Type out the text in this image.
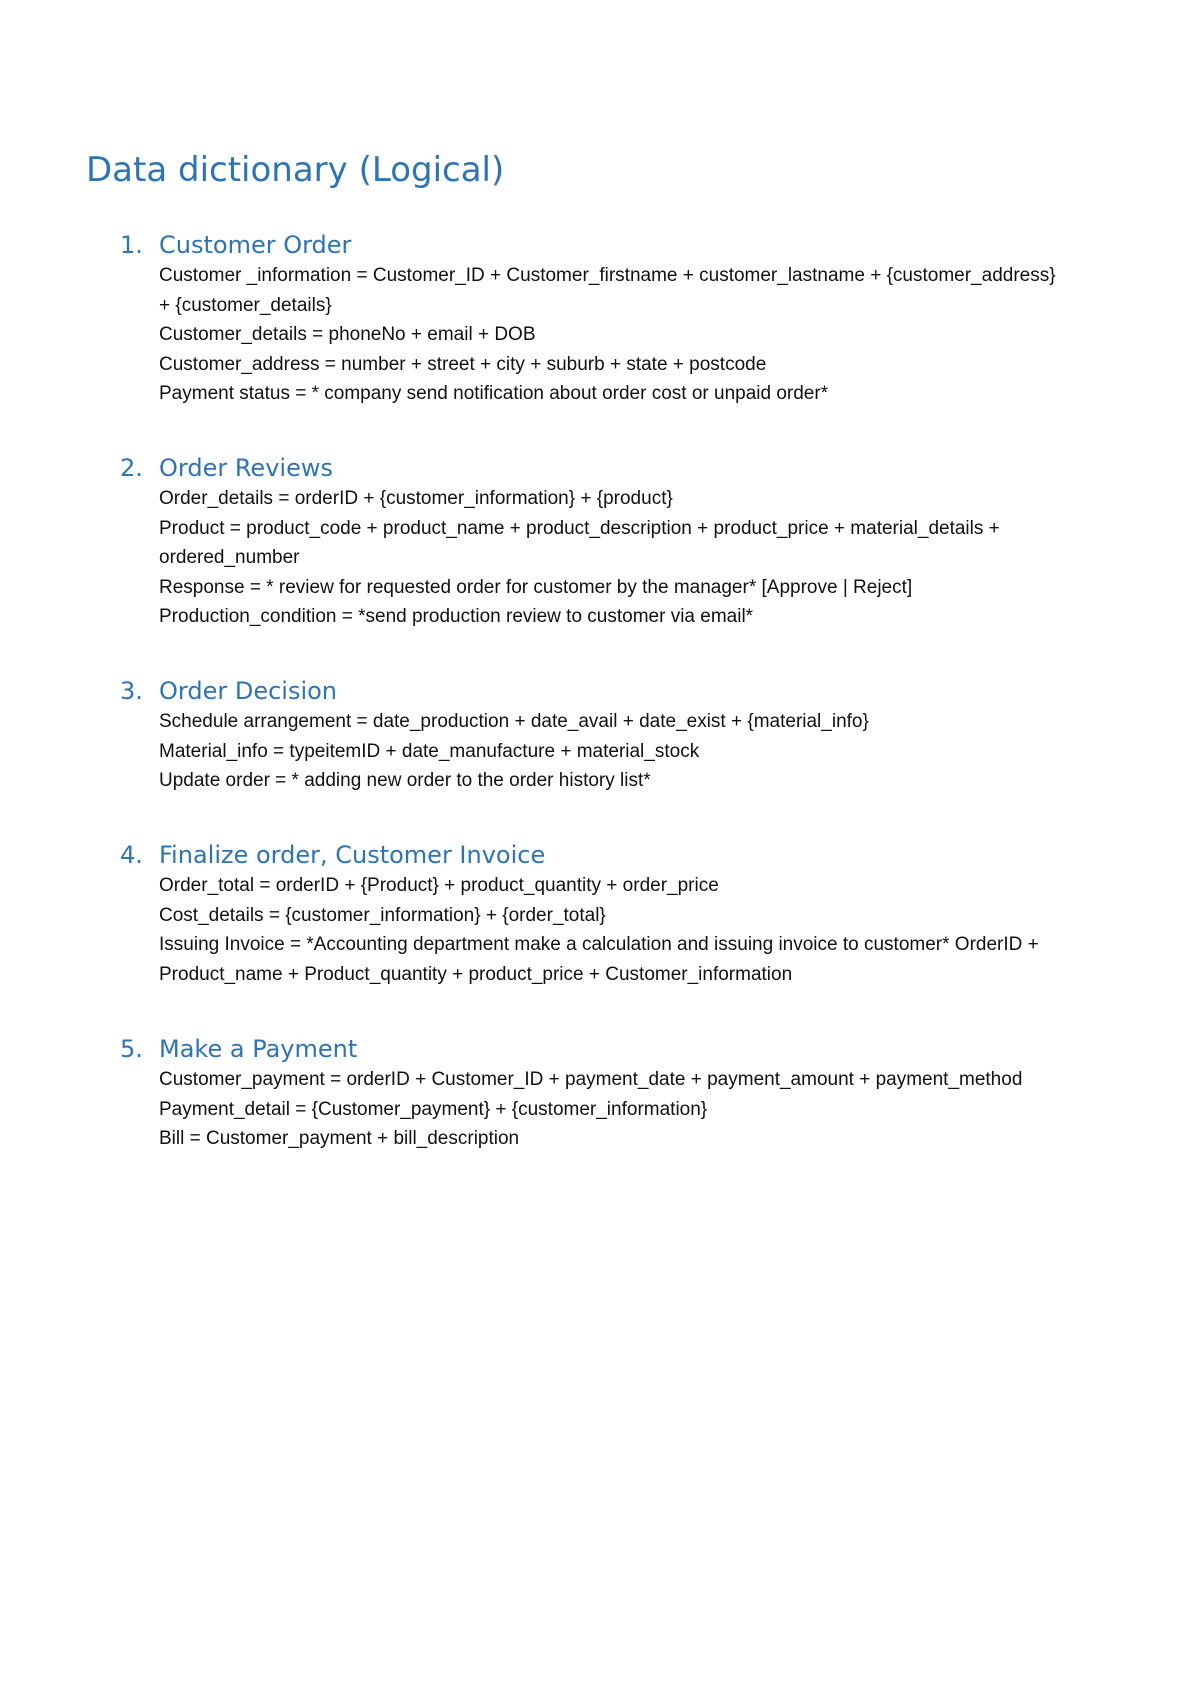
Data dictionary (Logical)
1. Customer Order
Customer _information = Customer_ID + Customer_firstname + customer_lastname + {customer_address}
+ {customer_details}
Customer_details = phoneNo + email + DOB
Customer_address = number + street + city + suburb + state + postcode
Payment status = * company send notification about order cost or unpaid order*
2. Order Reviews
Order_details = orderID + {customer_information} + {product}
Product = product_code + product_name + product_description + product_price + material_details +
ordered_number
Response = * review for requested order for customer by the manager* [Approve | Reject]
Production_condition = *send production review to customer via email*
3. Order Decision
Schedule arrangement = date_production + date_avail + date_exist + {material_info}
Material_info = typeitemID + date_manufacture + material_stock
Update order = * adding new order to the order history list*
4. Finalize order, Customer Invoice
Order_total = orderID + {Product} + product_quantity + order_price
Cost_details = {customer_information} + {order_total}
Issuing Invoice = *Accounting department make a calculation and issuing invoice to customer* OrderID +
Product_name + Product_quantity + product_price + Customer_information
5. Make a Payment
Customer_payment = orderID + Customer_ID + payment_date + payment_amount + payment_method
Payment_detail = {Customer_payment} + {customer_information}
Bill = Customer_payment + bill_description
